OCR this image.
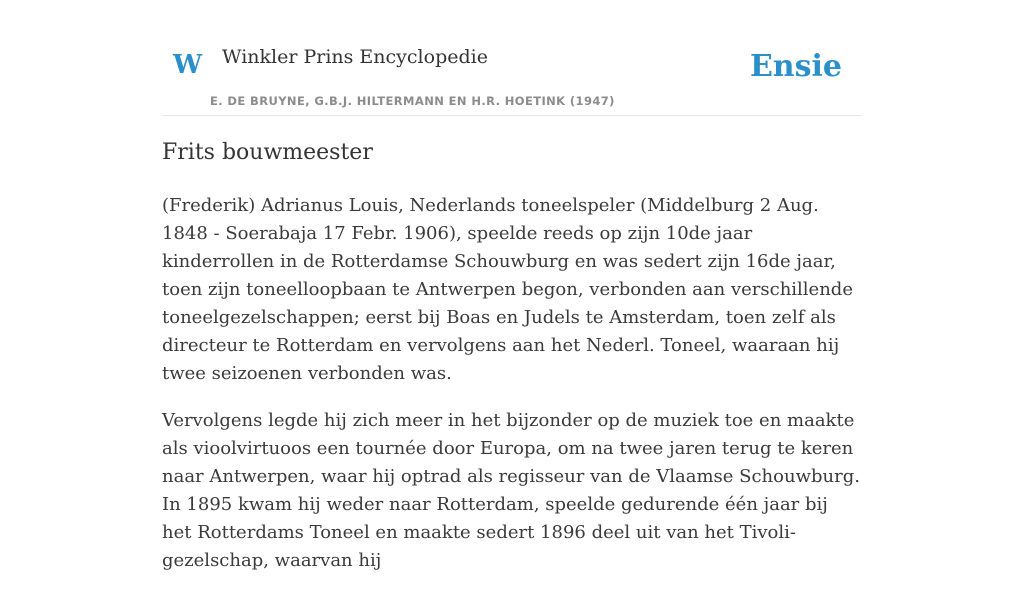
W Winkler Prins Encyclopedie
E. DE BRUYNE, G.B.J. HILTERMANN EN H.R. HOETINK (1947)
Ensie
Frits bouwmeester

(Frederik) Adrianus Louis, Nederlands toneelspeler (Middelburg 2 Aug. 1848 - Soerabaja 17 Febr. 1906), speelde reeds op zijn 10de jaar kinderrollen in de Rotterdamse Schouwburg en was sedert zijn 16de jaar, toen zijn toneelloopbaan te Antwerpen begon, verbonden aan verschillende toneelgezelschappen; eerst bij Boas en Judels te Amsterdam, toen zelf als directeur te Rotterdam en vervolgens aan het Nederl. Toneel, waaraan hij twee seizoenen verbonden was.

Vervolgens legde hij zich meer in het bijzonder op de muziek toe en maakte als vioolvirtuoos een tournée door Europa, om na twee jaren terug te keren naar Antwerpen, waar hij optrad als regisseur van de Vlaamse Schouwburg. In 1895 kwam hij weder naar Rotterdam, speelde gedurende één jaar bij het Rotterdams Toneel en maakte sedert 1896 deel uit van het Tivoli-gezelschap, waarvan hij
